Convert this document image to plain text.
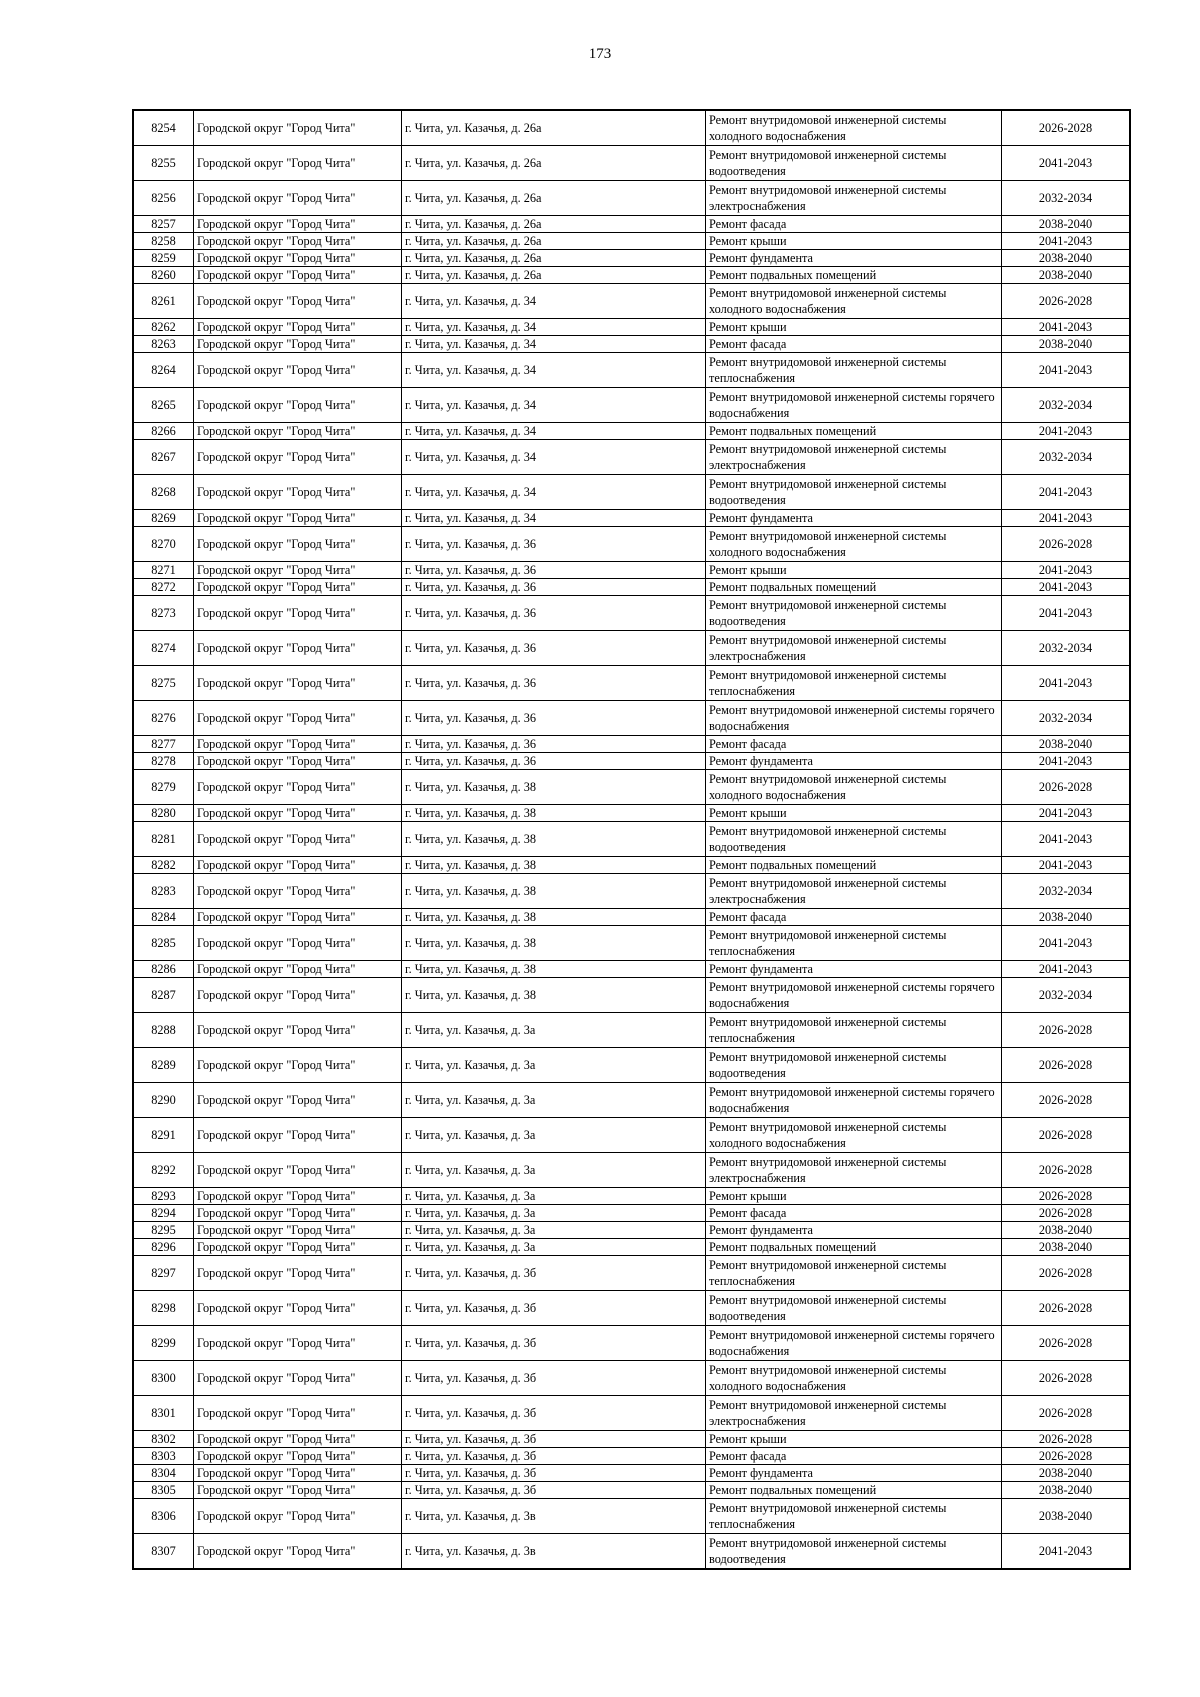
173
8254	Городской округ "Город Чита"	г. Чита, ул. Казачья, д. 26а	Ремонт внутридомовой инженерной системы холодного водоснабжения	2026-2028
8255	Городской округ "Город Чита"	г. Чита, ул. Казачья, д. 26а	Ремонт внутридомовой инженерной системы водоотведения	2041-2043
8256	Городской округ "Город Чита"	г. Чита, ул. Казачья, д. 26а	Ремонт внутридомовой инженерной системы электроснабжения	2032-2034
8257	Городской округ "Город Чита"	г. Чита, ул. Казачья, д. 26а	Ремонт фасада	2038-2040
8258	Городской округ "Город Чита"	г. Чита, ул. Казачья, д. 26а	Ремонт крыши	2041-2043
8259	Городской округ "Город Чита"	г. Чита, ул. Казачья, д. 26а	Ремонт фундамента	2038-2040
8260	Городской округ "Город Чита"	г. Чита, ул. Казачья, д. 26а	Ремонт подвальных помещений	2038-2040
8261	Городской округ "Город Чита"	г. Чита, ул. Казачья, д. 34	Ремонт внутридомовой инженерной системы холодного водоснабжения	2026-2028
8262	Городской округ "Город Чита"	г. Чита, ул. Казачья, д. 34	Ремонт крыши	2041-2043
8263	Городской округ "Город Чита"	г. Чита, ул. Казачья, д. 34	Ремонт фасада	2038-2040
8264	Городской округ "Город Чита"	г. Чита, ул. Казачья, д. 34	Ремонт внутридомовой инженерной системы теплоснабжения	2041-2043
8265	Городской округ "Город Чита"	г. Чита, ул. Казачья, д. 34	Ремонт внутридомовой инженерной системы горячего водоснабжения	2032-2034
8266	Городской округ "Город Чита"	г. Чита, ул. Казачья, д. 34	Ремонт подвальных помещений	2041-2043
8267	Городской округ "Город Чита"	г. Чита, ул. Казачья, д. 34	Ремонт внутридомовой инженерной системы электроснабжения	2032-2034
8268	Городской округ "Город Чита"	г. Чита, ул. Казачья, д. 34	Ремонт внутридомовой инженерной системы водоотведения	2041-2043
8269	Городской округ "Город Чита"	г. Чита, ул. Казачья, д. 34	Ремонт фундамента	2041-2043
8270	Городской округ "Город Чита"	г. Чита, ул. Казачья, д. 36	Ремонт внутридомовой инженерной системы холодного водоснабжения	2026-2028
8271	Городской округ "Город Чита"	г. Чита, ул. Казачья, д. 36	Ремонт крыши	2041-2043
8272	Городской округ "Город Чита"	г. Чита, ул. Казачья, д. 36	Ремонт подвальных помещений	2041-2043
8273	Городской округ "Город Чита"	г. Чита, ул. Казачья, д. 36	Ремонт внутридомовой инженерной системы водоотведения	2041-2043
8274	Городской округ "Город Чита"	г. Чита, ул. Казачья, д. 36	Ремонт внутридомовой инженерной системы электроснабжения	2032-2034
8275	Городской округ "Город Чита"	г. Чита, ул. Казачья, д. 36	Ремонт внутридомовой инженерной системы теплоснабжения	2041-2043
8276	Городской округ "Город Чита"	г. Чита, ул. Казачья, д. 36	Ремонт внутридомовой инженерной системы горячего водоснабжения	2032-2034
8277	Городской округ "Город Чита"	г. Чита, ул. Казачья, д. 36	Ремонт фасада	2038-2040
8278	Городской округ "Город Чита"	г. Чита, ул. Казачья, д. 36	Ремонт фундамента	2041-2043
8279	Городской округ "Город Чита"	г. Чита, ул. Казачья, д. 38	Ремонт внутридомовой инженерной системы холодного водоснабжения	2026-2028
8280	Городской округ "Город Чита"	г. Чита, ул. Казачья, д. 38	Ремонт крыши	2041-2043
8281	Городской округ "Город Чита"	г. Чита, ул. Казачья, д. 38	Ремонт внутридомовой инженерной системы водоотведения	2041-2043
8282	Городской округ "Город Чита"	г. Чита, ул. Казачья, д. 38	Ремонт подвальных помещений	2041-2043
8283	Городской округ "Город Чита"	г. Чита, ул. Казачья, д. 38	Ремонт внутридомовой инженерной системы электроснабжения	2032-2034
8284	Городской округ "Город Чита"	г. Чита, ул. Казачья, д. 38	Ремонт фасада	2038-2040
8285	Городской округ "Город Чита"	г. Чита, ул. Казачья, д. 38	Ремонт внутридомовой инженерной системы теплоснабжения	2041-2043
8286	Городской округ "Город Чита"	г. Чита, ул. Казачья, д. 38	Ремонт фундамента	2041-2043
8287	Городской округ "Город Чита"	г. Чита, ул. Казачья, д. 38	Ремонт внутридомовой инженерной системы горячего водоснабжения	2032-2034
8288	Городской округ "Город Чита"	г. Чита, ул. Казачья, д. 3а	Ремонт внутридомовой инженерной системы теплоснабжения	2026-2028
8289	Городской округ "Город Чита"	г. Чита, ул. Казачья, д. 3а	Ремонт внутридомовой инженерной системы водоотведения	2026-2028
8290	Городской округ "Город Чита"	г. Чита, ул. Казачья, д. 3а	Ремонт внутридомовой инженерной системы горячего водоснабжения	2026-2028
8291	Городской округ "Город Чита"	г. Чита, ул. Казачья, д. 3а	Ремонт внутридомовой инженерной системы холодного водоснабжения	2026-2028
8292	Городской округ "Город Чита"	г. Чита, ул. Казачья, д. 3а	Ремонт внутридомовой инженерной системы электроснабжения	2026-2028
8293	Городской округ "Город Чита"	г. Чита, ул. Казачья, д. 3а	Ремонт крыши	2026-2028
8294	Городской округ "Город Чита"	г. Чита, ул. Казачья, д. 3а	Ремонт фасада	2026-2028
8295	Городской округ "Город Чита"	г. Чита, ул. Казачья, д. 3а	Ремонт фундамента	2038-2040
8296	Городской округ "Город Чита"	г. Чита, ул. Казачья, д. 3а	Ремонт подвальных помещений	2038-2040
8297	Городской округ "Город Чита"	г. Чита, ул. Казачья, д. 3б	Ремонт внутридомовой инженерной системы теплоснабжения	2026-2028
8298	Городской округ "Город Чита"	г. Чита, ул. Казачья, д. 3б	Ремонт внутридомовой инженерной системы водоотведения	2026-2028
8299	Городской округ "Город Чита"	г. Чита, ул. Казачья, д. 3б	Ремонт внутридомовой инженерной системы горячего водоснабжения	2026-2028
8300	Городской округ "Город Чита"	г. Чита, ул. Казачья, д. 3б	Ремонт внутридомовой инженерной системы холодного водоснабжения	2026-2028
8301	Городской округ "Город Чита"	г. Чита, ул. Казачья, д. 3б	Ремонт внутридомовой инженерной системы электроснабжения	2026-2028
8302	Городской округ "Город Чита"	г. Чита, ул. Казачья, д. 3б	Ремонт крыши	2026-2028
8303	Городской округ "Город Чита"	г. Чита, ул. Казачья, д. 3б	Ремонт фасада	2026-2028
8304	Городской округ "Город Чита"	г. Чита, ул. Казачья, д. 3б	Ремонт фундамента	2038-2040
8305	Городской округ "Город Чита"	г. Чита, ул. Казачья, д. 3б	Ремонт подвальных помещений	2038-2040
8306	Городской округ "Город Чита"	г. Чита, ул. Казачья, д. 3в	Ремонт внутридомовой инженерной системы теплоснабжения	2038-2040
8307	Городской округ "Город Чита"	г. Чита, ул. Казачья, д. 3в	Ремонт внутридомовой инженерной системы водоотведения	2041-2043
